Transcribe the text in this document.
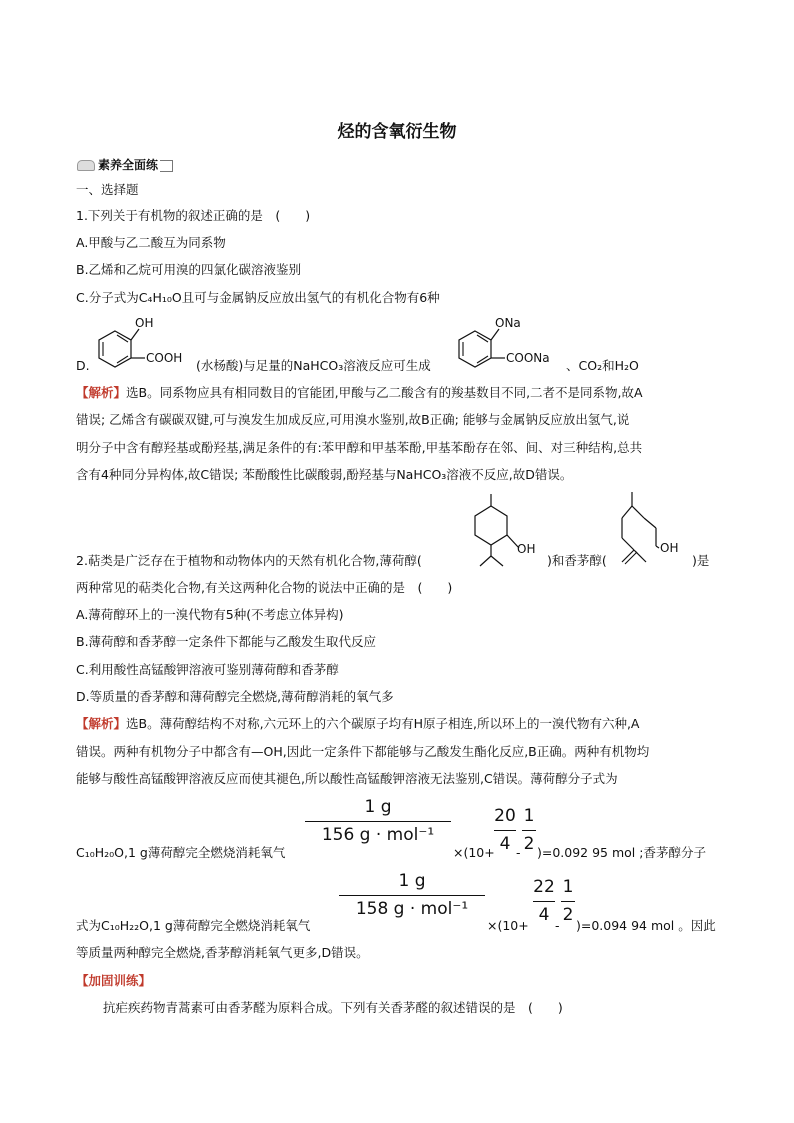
烃的含氧衍生物
素养全面练
一、选择题
1.下列关于有机物的叙述正确的是　(　　)
A.甲酸与乙二酸互为同系物
B.乙烯和乙烷可用溴的四氯化碳溶液鉴别
C.分子式为C₄H₁₀O且可与金属钠反应放出氢气的有机化合物有6种
D.
OH
COOH (水杨酸)与足量的NaHCO₃溶液反应可生成
ONa
COONa 、CO₂和H₂O
【解析】选B。同系物应具有相同数目的官能团,甲酸与乙二酸含有的羧基数目不同,二者不是同系物,故A
错误; 乙烯含有碳碳双键,可与溴发生加成反应,可用溴水鉴别,故B正确; 能够与金属钠反应放出氢气,说
明分子中含有醇羟基或酚羟基,满足条件的有:苯甲醇和甲基苯酚,甲基苯酚存在邻、间、对三种结构,总共
含有4种同分异构体,故C错误; 苯酚酸性比碳酸弱,酚羟基与NaHCO₃溶液不反应,故D错误。
2.萜类是广泛存在于植物和动物体内的天然有机化合物,薄荷醇(
OH
)和香茅醇(
OH
)是
两种常见的萜类化合物,有关这两种化合物的说法中正确的是　(　　)
A.薄荷醇环上的一溴代物有5种(不考虑立体异构)
B.薄荷醇和香茅醇一定条件下都能与乙酸发生取代反应
C.利用酸性高锰酸钾溶液可鉴别薄荷醇和香茅醇
D.等质量的香茅醇和薄荷醇完全燃烧,薄荷醇消耗的氧气多
【解析】选B。薄荷醇结构不对称,六元环上的六个碳原子均有H原子相连,所以环上的一溴代物有六种,A
错误。两种有机物分子中都含有—OH,因此一定条件下都能够与乙酸发生酯化反应,B正确。两种有机物均
能够与酸性高锰酸钾溶液反应而使其褪色,所以酸性高锰酸钾溶液无法鉴别,C错误。薄荷醇分子式为
C₁₀H₂₀O,1 g薄荷醇完全燃烧消耗氧气
1 g
156 g · mol⁻¹
$\times(10+ \frac{20}{4} - \frac{1}{2} )=0.092$ 95 mol ;香茅醇分子
式为C₁₀H₂₂O,1 g薄荷醇完全燃烧消耗氧气
1 g
158 g · mol⁻¹
×(10+
$\frac{22}{4}$
-
$\frac{1}{2}$
)=0.094 94 mol 。因此
等质量两种醇完全燃烧,香茅醇消耗氧气更多,D错误。
【加固训练】
抗疟疾药物青蒿素可由香茅醛为原料合成。下列有关香茅醛的叙述错误的是　(　　)
